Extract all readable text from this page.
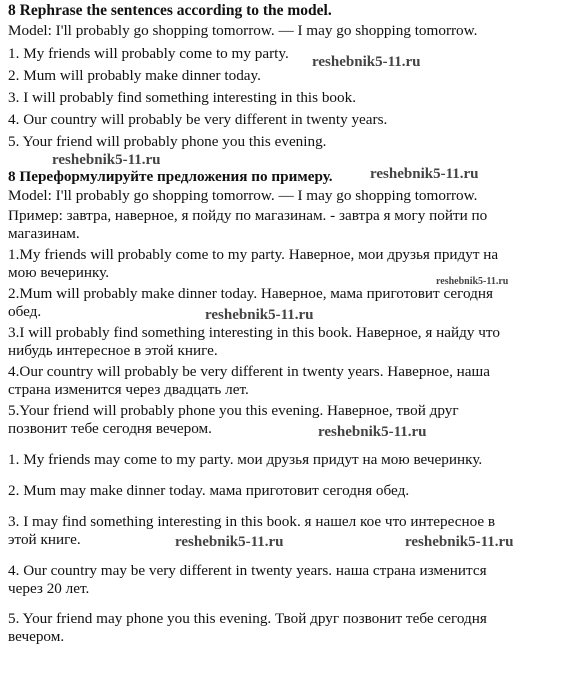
8 Rephrase the sentences according to the model.
Model: I'll probably go shopping tomorrow. — I may go shopping tomorrow.
1. My friends will probably come to my party.
2. Mum will probably make dinner today.
3. I will probably find something interesting in this book.
4. Our country will probably be very different in twenty years.
5. Your friend will probably phone you this evening.
8 Переформулируйте предложения по примеру.
Model: I'll probably go shopping tomorrow. — I may go shopping tomorrow.
Пример: завтра, наверное, я пойду по магазинам. - завтра я могу пойти по
магазинам.
1.My friends will probably come to my party. Наверное, мои друзья придут на
мою вечеринку.
2.Mum will probably make dinner today. Наверное, мама приготовит сегодня
обед.
3.I will probably find something interesting in this book. Наверное, я найду что
нибудь интересное в этой книге.
4.Our country will probably be very different in twenty years. Наверное, наша
страна изменится через двадцать лет.
5.Your friend will probably phone you this evening. Наверное, твой друг
позвонит тебе сегодня вечером.
1. My friends may come to my party. мои друзья придут на мою вечеринку.
2. Mum may make dinner today. мама приготовит сегодня обед.
3. I may find something interesting in this book. я нашел кое что интересное в
этой книге.
4. Our country may be very different in twenty years. наша страна изменится
через 20 лет.
5. Your friend may phone you this evening. Твой друг позвонит тебе сегодня
вечером.
reshebnik5-11.ru
reshebnik5-11.ru
reshebnik5-11.ru
reshebnik5-11.ru
reshebnik5-11.ru
reshebnik5-11.ru
reshebnik5-11.ru	reshebnik5-11.ru
